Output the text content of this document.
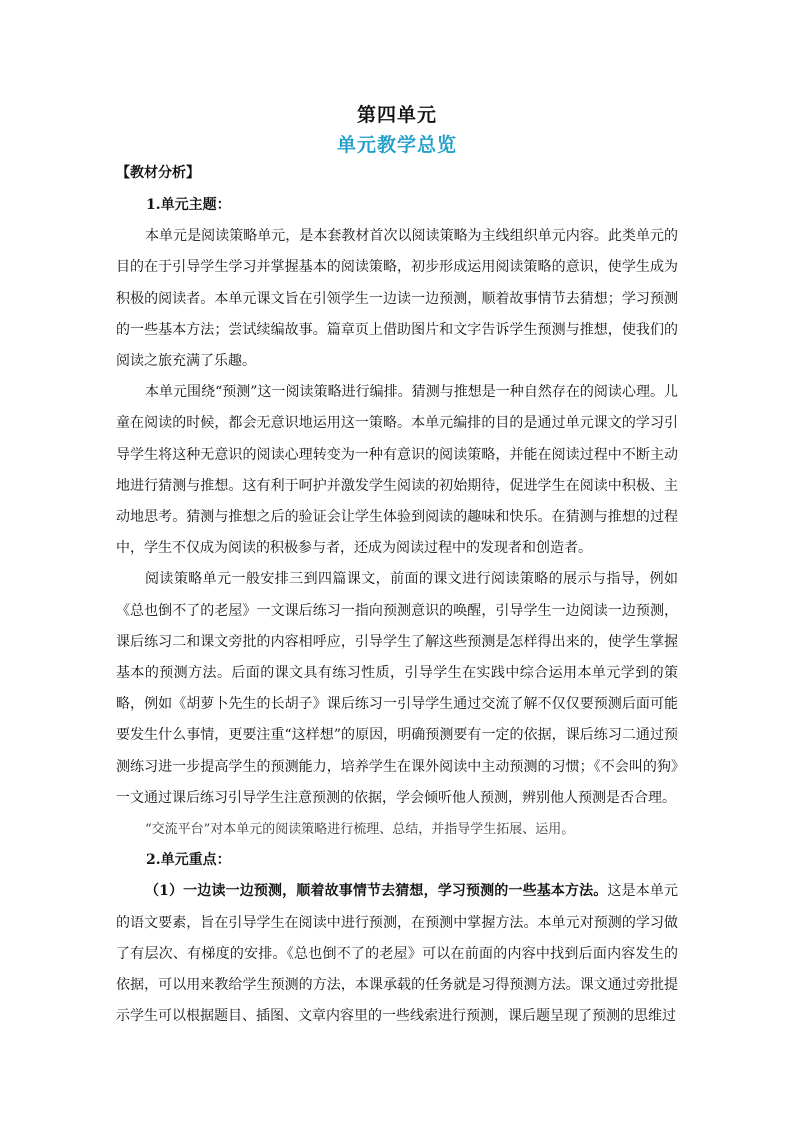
第四单元
单元教学总览
【教材分析】
1.单元主题：

本单元是阅读策略单元，是本套教材首次以阅读策略为主线组织单元内容。此类单元的目的在于引导学生学习并掌握基本的阅读策略，初步形成运用阅读策略的意识，使学生成为积极的阅读者。本单元课文旨在引领学生一边读一边预测，顺着故事情节去猜想；学习预测的一些基本方法；尝试续编故事。篇章页上借助图片和文字告诉学生预测与推想，使我们的阅读之旅充满了乐趣。

本单元围绕“预测”这一阅读策略进行编排。猜测与推想是一种自然存在的阅读心理。儿童在阅读的时候，都会无意识地运用这一策略。本单元编排的目的是通过单元课文的学习引导学生将这种无意识的阅读心理转变为一种有意识的阅读策略，并能在阅读过程中不断主动地进行猜测与推想。这有利于呵护并激发学生阅读的初始期待，促进学生在阅读中积极、主动地思考。猜测与推想之后的验证会让学生体验到阅读的趣味和快乐。在猜测与推想的过程中，学生不仅成为阅读的积极参与者，还成为阅读过程中的发现者和创造者。

阅读策略单元一般安排三到四篇课文，前面的课文进行阅读策略的展示与指导，例如《总也倒不了的老屋》一文课后练习一指向预测意识的唤醒，引导学生一边阅读一边预测，课后练习二和课文旁批的内容相呼应，引导学生了解这些预测是怎样得出来的，使学生掌握基本的预测方法。后面的课文具有练习性质，引导学生在实践中综合运用本单元学到的策略，例如《胡萝卜先生的长胡子》课后练习一引导学生通过交流了解不仅仅要预测后面可能要发生什么事情，更要注重“这样想”的原因，明确预测要有一定的依据，课后练习二通过预测练习进一步提高学生的预测能力，培养学生在课外阅读中主动预测的习惯；《不会叫的狗》一文通过课后练习引导学生注意预测的依据，学会倾听他人预测，辨别他人预测是否合理。

“交流平台”对本单元的阅读策略进行梳理、总结，并指导学生拓展、运用。

2.单元重点：

（1）一边读一边预测，顺着故事情节去猜想，学习预测的一些基本方法。这是本单元的语文要素，旨在引导学生在阅读中进行预测，在预测中掌握方法。本单元对预测的学习做了有层次、有梯度的安排。《总也倒不了的老屋》可以在前面的内容中找到后面内容发生的依据，可以用来教给学生预测的方法，本课承载的任务就是习得预测方法。课文通过旁批提示学生可以根据题目、插图、文章内容里的一些线索进行预测，课后题呈现了预测的思维过
